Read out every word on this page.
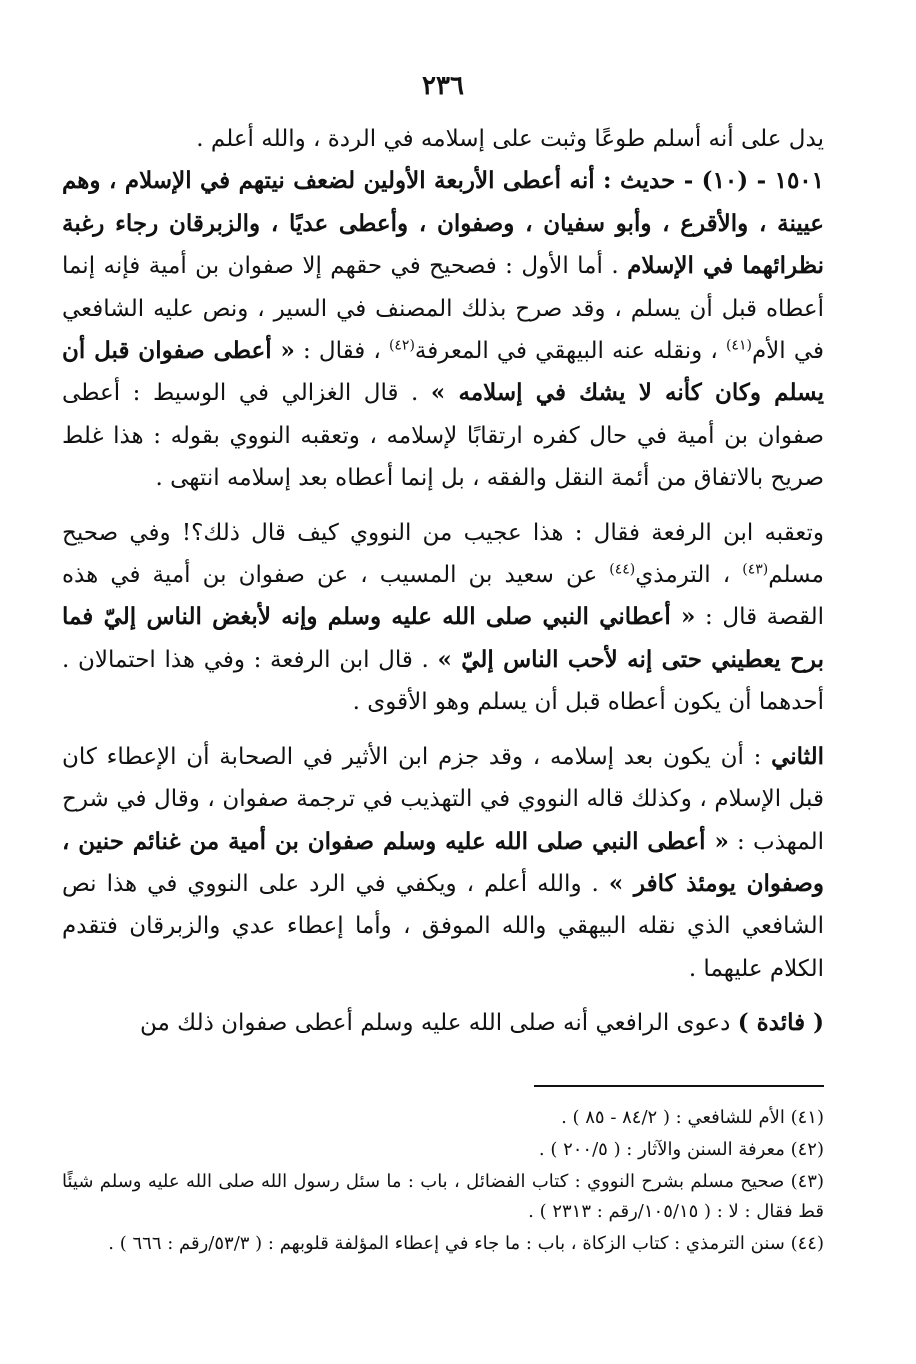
٢٣٦

يدل على أنه أسلم طوعًا وثبت على إسلامه في الردة ، والله أعلم .

١٥٠١ - (١٠) - حديث : أنه أعطى الأربعة الأولين لضعف نيتهم في الإسلام ، وهم عيينة ، والأقرع ، وأبو سفيان ، وصفوان ، وأعطى عديًا ، والزبرقان رجاء رغبة نظرائهما في الإسلام . أما الأول : فصحيح في حقهم إلا صفوان بن أمية فإنه إنما أعطاه قبل أن يسلم ، وقد صرح بذلك المصنف في السير ، ونص عليه الشافعي في الأم$^{(٤١)}$ ، ونقله عنه البيهقي في المعرفة$^{(٤٢)}$ ، فقال : « أعطى صفوان قبل أن يسلم وكان كأنه لا يشك في إسلامه » . قال الغزالي في الوسيط : أعطى صفوان بن أمية في حال كفره ارتقابًا لإسلامه ، وتعقبه النووي بقوله : هذا غلط صريح بالاتفاق من أئمة النقل والفقه ، بل إنما أعطاه بعد إسلامه انتهى .

وتعقبه ابن الرفعة فقال : هذا عجيب من النووي كيف قال ذلك؟! وفي صحيح مسلم$^{(٤٣)}$ ، الترمذي$^{(٤٤)}$ عن سعيد بن المسيب ، عن صفوان بن أمية في هذه القصة قال : « أعطاني النبي صلى الله عليه وسلم وإنه لأبغض الناس إليّ فما برح يعطيني حتى إنه لأحب الناس إليّ » . قال ابن الرفعة : وفي هذا احتمالان . أحدهما أن يكون أعطاه قبل أن يسلم وهو الأقوى .

الثاني : أن يكون بعد إسلامه ، وقد جزم ابن الأثير في الصحابة أن الإعطاء كان قبل الإسلام ، وكذلك قاله النووي في التهذيب في ترجمة صفوان ، وقال في شرح المهذب : « أعطى النبي صلى الله عليه وسلم صفوان بن أمية من غنائم حنين ، وصفوان يومئذ كافر » . والله أعلم ، ويكفي في الرد على النووي في هذا نص الشافعي الذي نقله البيهقي والله الموفق ، وأما إعطاء عدي والزبرقان فتقدم الكلام عليهما .

( فائدة ) دعوى الرافعي أنه صلى الله عليه وسلم أعطى صفوان ذلك من

(٤١) الأم للشافعي : ( ٨٤/٢ - ٨٥ ) .

(٤٢) معرفة السنن والآثار : ( ٢٠٠/٥ ) .

(٤٣) صحيح مسلم بشرح النووي : كتاب الفضائل ، باب : ما سئل رسول الله صلى الله عليه وسلم شيئًا قط فقال : لا : ( ١٠٥/١٥/رقم : ٢٣١٣ ) .

(٤٤) سنن الترمذي : كتاب الزكاة ، باب : ما جاء في إعطاء المؤلفة قلوبهم : ( ٥٣/٣/رقم : ٦٦٦ ) .
